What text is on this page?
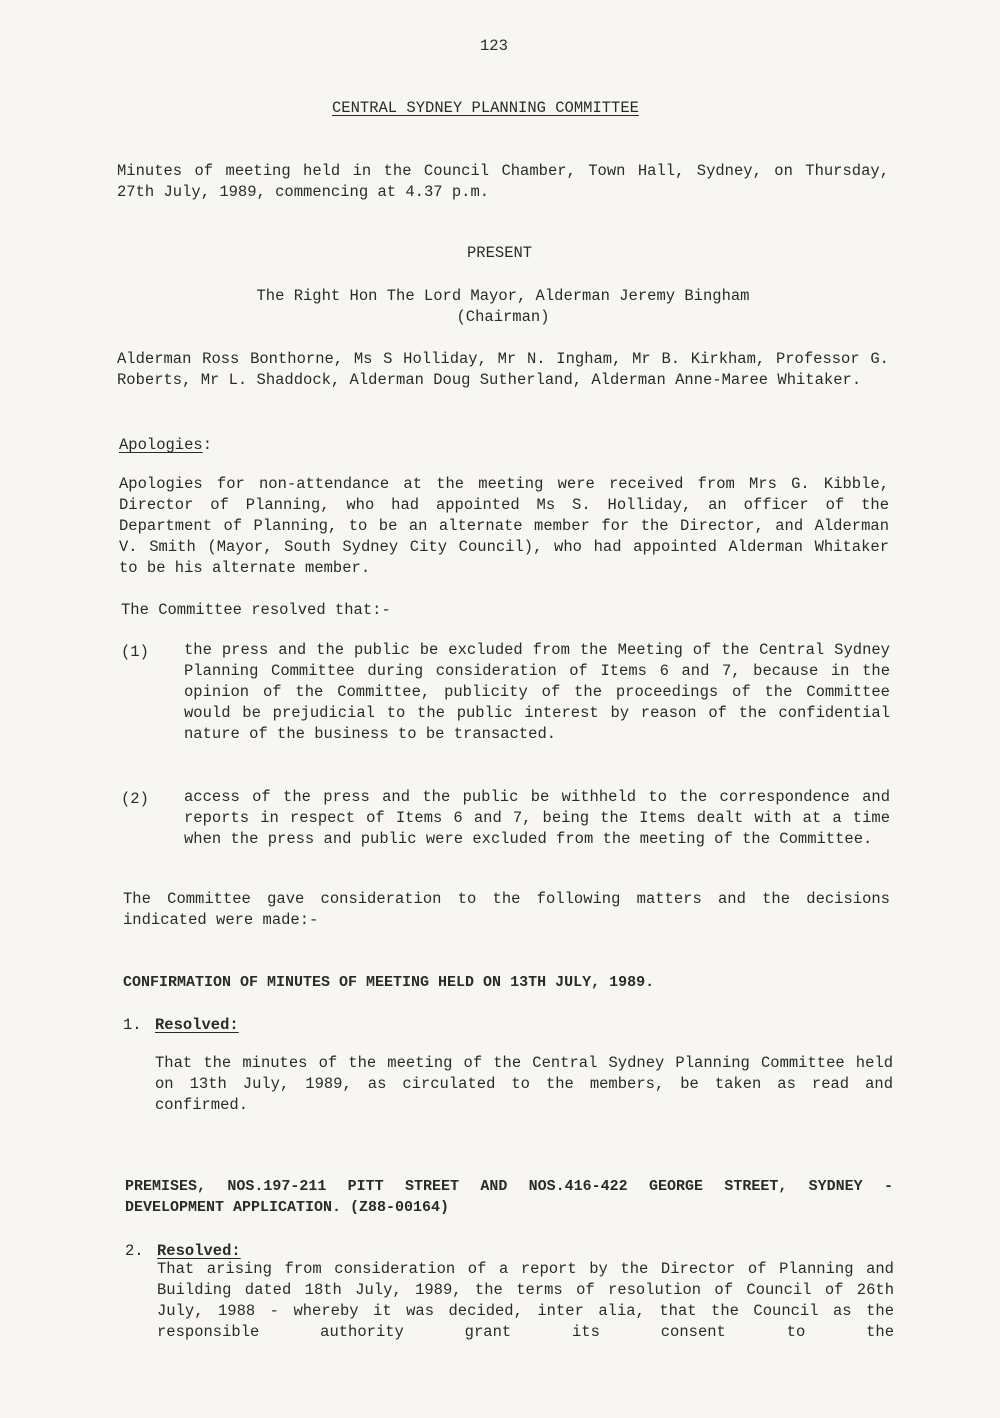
123
CENTRAL SYDNEY PLANNING COMMITTEE

Minutes of meeting held in the Council Chamber, Town Hall, Sydney, on Thursday, 27th July, 1989, commencing at 4.37 p.m.

PRESENT
The Right Hon The Lord Mayor, Alderman Jeremy Bingham
(Chairman)

Alderman Ross Bonthorne, Ms S Holliday, Mr N. Ingham, Mr B. Kirkham, Professor G. Roberts, Mr L. Shaddock, Alderman Doug Sutherland, Alderman Anne-Maree Whitaker.

Apologies:

Apologies for non-attendance at the meeting were received from Mrs G. Kibble, Director of Planning, who had appointed Ms S. Holliday, an officer of the Department of Planning, to be an alternate member for the Director, and Alderman V. Smith (Mayor, South Sydney City Council), who had appointed Alderman Whitaker to be his alternate member.

The Committee resolved that:-
(1) the press and the public be excluded from the Meeting of the Central Sydney Planning Committee during consideration of Items 6 and 7, because in the opinion of the Committee, publicity of the proceedings of the Committee would be prejudicial to the public interest by reason of the confidential nature of the business to be transacted.

(2) access of the press and the public be withheld to the correspondence and reports in respect of Items 6 and 7, being the Items dealt with at a time when the press and public were excluded from the meeting of the Committee.

The Committee gave consideration to the following matters and the decisions indicated were made:-

CONFIRMATION OF MINUTES OF MEETING HELD ON 13TH JULY, 1989.
1. Resolved:

That the minutes of the meeting of the Central Sydney Planning Committee held on 13th July, 1989, as circulated to the members, be taken as read and confirmed.

PREMISES, NOS.197-211 PITT STREET AND NOS.416-422 GEORGE STREET, SYDNEY -
DEVELOPMENT APPLICATION. (Z88-00164)
2. Resolved:

That arising from consideration of a report by the Director of Planning and Building dated 18th July, 1989, the terms of resolution of Council of 26th July, 1988 - whereby it was decided, inter alia, that the Council as the responsible authority grant its consent to the
